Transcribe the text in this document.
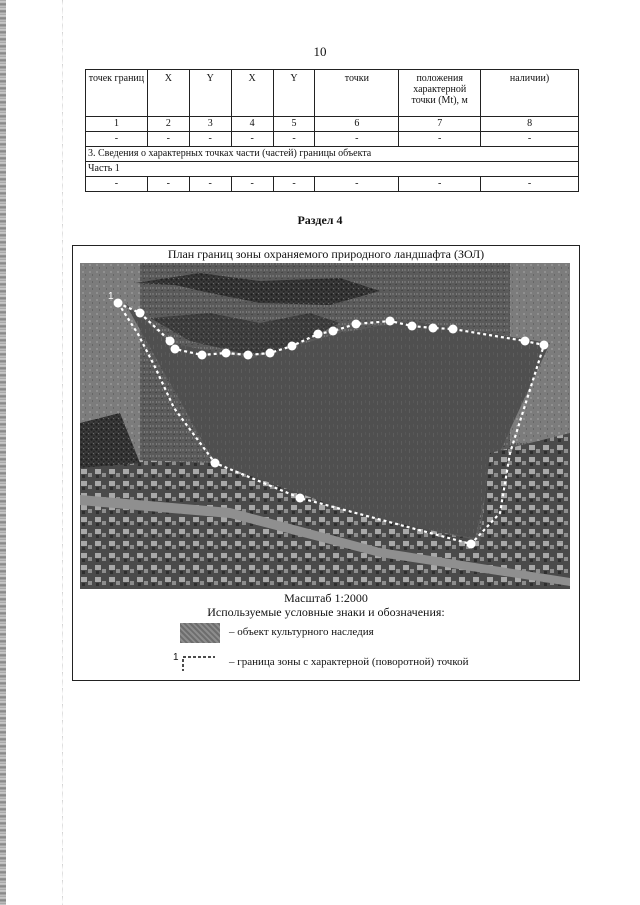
10
точек границ	X	Y	X	Y	точки	положения характерной точки (Mt), м	наличии)
1	2	3	4	5	6	7	8
-	-	-	-	-	-	-	-
3. Сведения о характерных точках части (частей) границы объекта							
Часть 1							
-	-	-	-	-	-	-	-
Раздел 4
План границ зоны охраняемого природного ландшафта (ЗОЛ)
1
Масштаб 1:2000
Используемые условные знаки и обозначения:
– объект культурного наследия
1	– граница зоны с характерной (поворотной) точкой
